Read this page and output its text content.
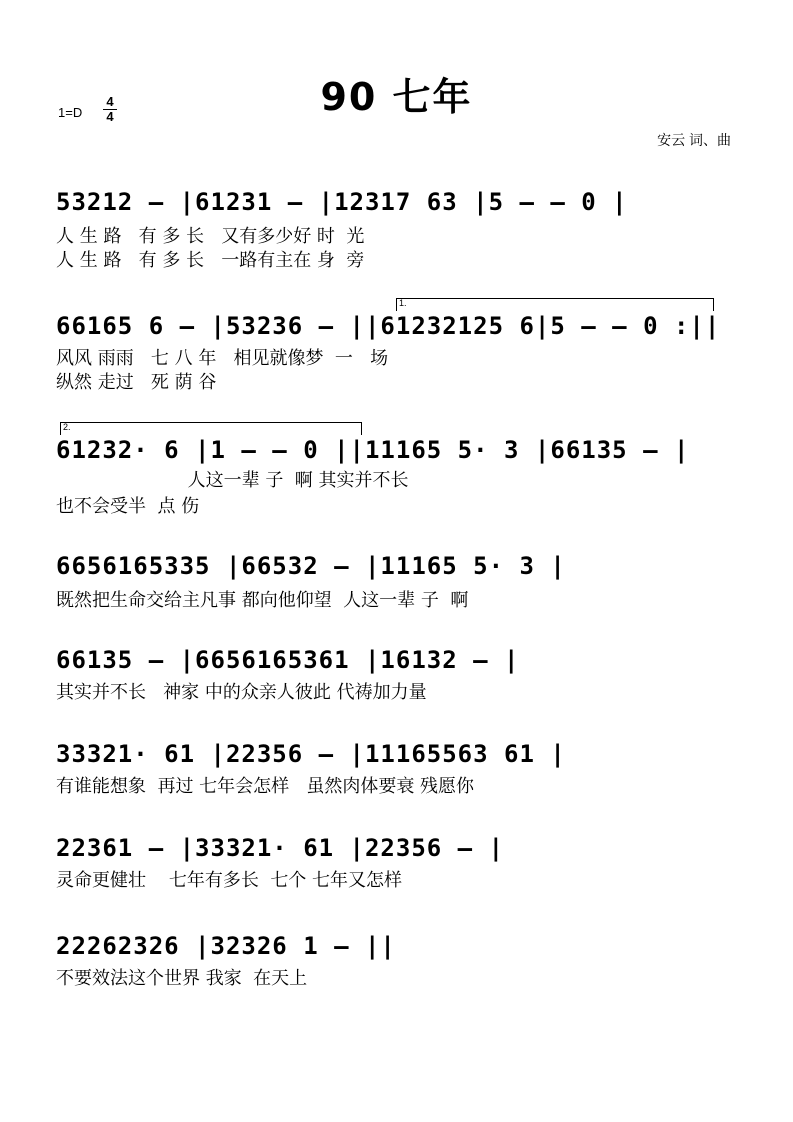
90 七年
$1=D \frac{4}{4}$
安云 词、曲
53212 – |61231 – |12317 63 |5 – – 0 |
人 生 路   有 多 长   又有多少好 时  光
人 生 路   有 多 长   一路有主在 身  旁
1.
66165 6 – |53236 – ||61232125 6|5 – – 0 :||
风风 雨雨   七 八 年   相见就像梦  一   场
纵然 走过   死 荫 谷
2.
61232· 6 |1 – – 0 ||11165 5· 3 |66135 – |
人这一辈 子  啊 其实并不长
也不会受半  点 伤
6656165335 |66532 – |11165 5· 3 |
既然把生命交给主凡事 都向他仰望  人这一辈 子  啊
66135 – |6656165361 |16132 – |
其实并不长   神家 中的众亲人彼此 代祷加力量
33321· 61 |22356 – |11165563 61 |
有谁能想象  再过 七年会怎样   虽然肉体要衰 残愿你
22361 – |33321· 61 |22356 – |
灵命更健壮    七年有多长  七个 七年又怎样
22262326 |32326 1 – ||
不要效法这个世界 我家  在天上
